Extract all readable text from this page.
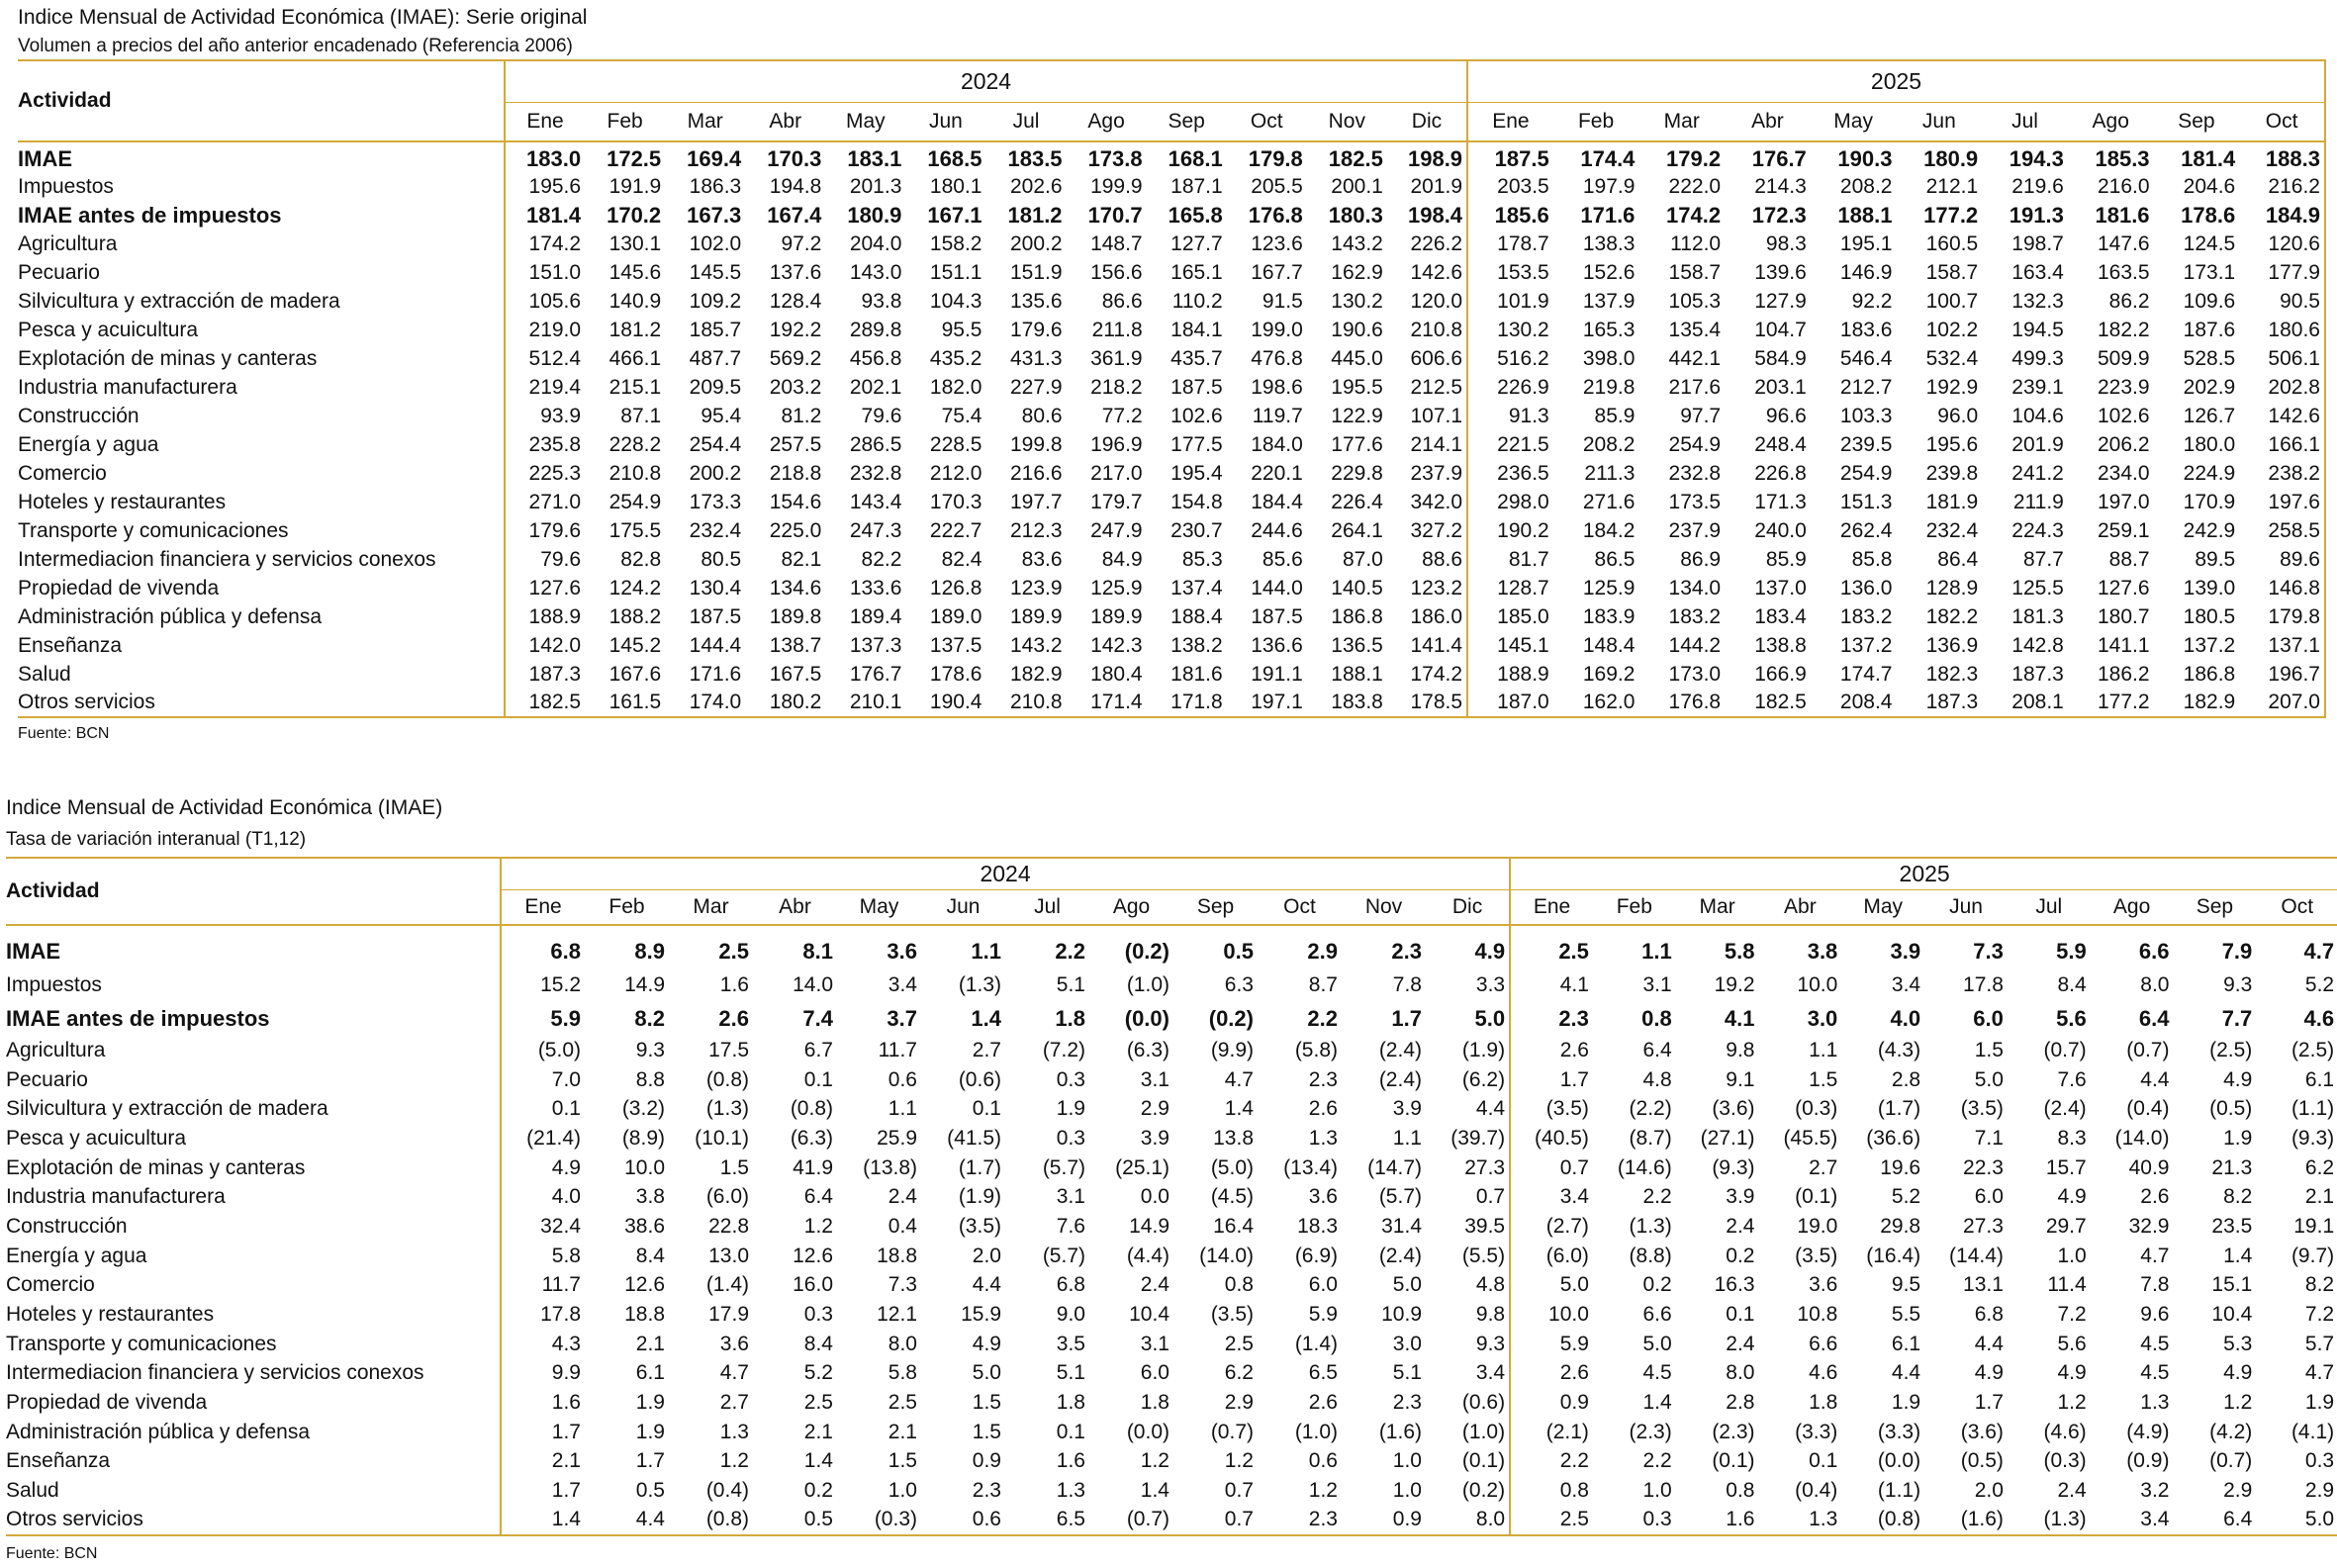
Indice Mensual de Actividad Económica (IMAE): Serie original
Volumen a precios del año anterior encadenado (Referencia 2006)
Actividad	2024												2025									
	Ene	Feb	Mar	Abr	May	Jun	Jul	Ago	Sep	Oct	Nov	Dic	Ene	Feb	Mar	Abr	May	Jun	Jul	Ago	Sep	Oct
IMAE	183.0	172.5	169.4	170.3	183.1	168.5	183.5	173.8	168.1	179.8	182.5	198.9	187.5	174.4	179.2	176.7	190.3	180.9	194.3	185.3	181.4	188.3
Impuestos	195.6	191.9	186.3	194.8	201.3	180.1	202.6	199.9	187.1	205.5	200.1	201.9	203.5	197.9	222.0	214.3	208.2	212.1	219.6	216.0	204.6	216.2
IMAE antes de impuestos	181.4	170.2	167.3	167.4	180.9	167.1	181.2	170.7	165.8	176.8	180.3	198.4	185.6	171.6	174.2	172.3	188.1	177.2	191.3	181.6	178.6	184.9
Agricultura	174.2	130.1	102.0	97.2	204.0	158.2	200.2	148.7	127.7	123.6	143.2	226.2	178.7	138.3	112.0	98.3	195.1	160.5	198.7	147.6	124.5	120.6
Pecuario	151.0	145.6	145.5	137.6	143.0	151.1	151.9	156.6	165.1	167.7	162.9	142.6	153.5	152.6	158.7	139.6	146.9	158.7	163.4	163.5	173.1	177.9
Silvicultura y extracción de madera	105.6	140.9	109.2	128.4	93.8	104.3	135.6	86.6	110.2	91.5	130.2	120.0	101.9	137.9	105.3	127.9	92.2	100.7	132.3	86.2	109.6	90.5
Pesca y acuicultura	219.0	181.2	185.7	192.2	289.8	95.5	179.6	211.8	184.1	199.0	190.6	210.8	130.2	165.3	135.4	104.7	183.6	102.2	194.5	182.2	187.6	180.6
Explotación de minas y canteras	512.4	466.1	487.7	569.2	456.8	435.2	431.3	361.9	435.7	476.8	445.0	606.6	516.2	398.0	442.1	584.9	546.4	532.4	499.3	509.9	528.5	506.1
Industria manufacturera	219.4	215.1	209.5	203.2	202.1	182.0	227.9	218.2	187.5	198.6	195.5	212.5	226.9	219.8	217.6	203.1	212.7	192.9	239.1	223.9	202.9	202.8
Construcción	93.9	87.1	95.4	81.2	79.6	75.4	80.6	77.2	102.6	119.7	122.9	107.1	91.3	85.9	97.7	96.6	103.3	96.0	104.6	102.6	126.7	142.6
Energía y agua	235.8	228.2	254.4	257.5	286.5	228.5	199.8	196.9	177.5	184.0	177.6	214.1	221.5	208.2	254.9	248.4	239.5	195.6	201.9	206.2	180.0	166.1
Comercio	225.3	210.8	200.2	218.8	232.8	212.0	216.6	217.0	195.4	220.1	229.8	237.9	236.5	211.3	232.8	226.8	254.9	239.8	241.2	234.0	224.9	238.2
Hoteles y restaurantes	271.0	254.9	173.3	154.6	143.4	170.3	197.7	179.7	154.8	184.4	226.4	342.0	298.0	271.6	173.5	171.3	151.3	181.9	211.9	197.0	170.9	197.6
Transporte y comunicaciones	179.6	175.5	232.4	225.0	247.3	222.7	212.3	247.9	230.7	244.6	264.1	327.2	190.2	184.2	237.9	240.0	262.4	232.4	224.3	259.1	242.9	258.5
Intermediacion financiera y servicios conexos	79.6	82.8	80.5	82.1	82.2	82.4	83.6	84.9	85.3	85.6	87.0	88.6	81.7	86.5	86.9	85.9	85.8	86.4	87.7	88.7	89.5	89.6
Propiedad de vivenda	127.6	124.2	130.4	134.6	133.6	126.8	123.9	125.9	137.4	144.0	140.5	123.2	128.7	125.9	134.0	137.0	136.0	128.9	125.5	127.6	139.0	146.8
Administración pública y defensa	188.9	188.2	187.5	189.8	189.4	189.0	189.9	189.9	188.4	187.5	186.8	186.0	185.0	183.9	183.2	183.4	183.2	182.2	181.3	180.7	180.5	179.8
Enseñanza	142.0	145.2	144.4	138.7	137.3	137.5	143.2	142.3	138.2	136.6	136.5	141.4	145.1	148.4	144.2	138.8	137.2	136.9	142.8	141.1	137.2	137.1
Salud	187.3	167.6	171.6	167.5	176.7	178.6	182.9	180.4	181.6	191.1	188.1	174.2	188.9	169.2	173.0	166.9	174.7	182.3	187.3	186.2	186.8	196.7
Otros servicios	182.5	161.5	174.0	180.2	210.1	190.4	210.8	171.4	171.8	197.1	183.8	178.5	187.0	162.0	176.8	182.5	208.4	187.3	208.1	177.2	182.9	207.0
Fuente: BCN
Indice Mensual de Actividad Económica (IMAE)
Tasa de variación interanual (T1,12)
Actividad	2024												2025									
	Ene	Feb	Mar	Abr	May	Jun	Jul	Ago	Sep	Oct	Nov	Dic	Ene	Feb	Mar	Abr	May	Jun	Jul	Ago	Sep	Oct
IMAE	6.8	8.9	2.5	8.1	3.6	1.1	2.2	(0.2)	0.5	2.9	2.3	4.9	2.5	1.1	5.8	3.8	3.9	7.3	5.9	6.6	7.9	4.7
Impuestos	15.2	14.9	1.6	14.0	3.4	(1.3)	5.1	(1.0)	6.3	8.7	7.8	3.3	4.1	3.1	19.2	10.0	3.4	17.8	8.4	8.0	9.3	5.2
IMAE antes de impuestos	5.9	8.2	2.6	7.4	3.7	1.4	1.8	(0.0)	(0.2)	2.2	1.7	5.0	2.3	0.8	4.1	3.0	4.0	6.0	5.6	6.4	7.7	4.6
Agricultura	(5.0)	9.3	17.5	6.7	11.7	2.7	(7.2)	(6.3)	(9.9)	(5.8)	(2.4)	(1.9)	2.6	6.4	9.8	1.1	(4.3)	1.5	(0.7)	(0.7)	(2.5)	(2.5)
Pecuario	7.0	8.8	(0.8)	0.1	0.6	(0.6)	0.3	3.1	4.7	2.3	(2.4)	(6.2)	1.7	4.8	9.1	1.5	2.8	5.0	7.6	4.4	4.9	6.1
Silvicultura y extracción de madera	0.1	(3.2)	(1.3)	(0.8)	1.1	0.1	1.9	2.9	1.4	2.6	3.9	4.4	(3.5)	(2.2)	(3.6)	(0.3)	(1.7)	(3.5)	(2.4)	(0.4)	(0.5)	(1.1)
Pesca y acuicultura	(21.4)	(8.9)	(10.1)	(6.3)	25.9	(41.5)	0.3	3.9	13.8	1.3	1.1	(39.7)	(40.5)	(8.7)	(27.1)	(45.5)	(36.6)	7.1	8.3	(14.0)	1.9	(9.3)
Explotación de minas y canteras	4.9	10.0	1.5	41.9	(13.8)	(1.7)	(5.7)	(25.1)	(5.0)	(13.4)	(14.7)	27.3	0.7	(14.6)	(9.3)	2.7	19.6	22.3	15.7	40.9	21.3	6.2
Industria manufacturera	4.0	3.8	(6.0)	6.4	2.4	(1.9)	3.1	0.0	(4.5)	3.6	(5.7)	0.7	3.4	2.2	3.9	(0.1)	5.2	6.0	4.9	2.6	8.2	2.1
Construcción	32.4	38.6	22.8	1.2	0.4	(3.5)	7.6	14.9	16.4	18.3	31.4	39.5	(2.7)	(1.3)	2.4	19.0	29.8	27.3	29.7	32.9	23.5	19.1
Energía y agua	5.8	8.4	13.0	12.6	18.8	2.0	(5.7)	(4.4)	(14.0)	(6.9)	(2.4)	(5.5)	(6.0)	(8.8)	0.2	(3.5)	(16.4)	(14.4)	1.0	4.7	1.4	(9.7)
Comercio	11.7	12.6	(1.4)	16.0	7.3	4.4	6.8	2.4	0.8	6.0	5.0	4.8	5.0	0.2	16.3	3.6	9.5	13.1	11.4	7.8	15.1	8.2
Hoteles y restaurantes	17.8	18.8	17.9	0.3	12.1	15.9	9.0	10.4	(3.5)	5.9	10.9	9.8	10.0	6.6	0.1	10.8	5.5	6.8	7.2	9.6	10.4	7.2
Transporte y comunicaciones	4.3	2.1	3.6	8.4	8.0	4.9	3.5	3.1	2.5	(1.4)	3.0	9.3	5.9	5.0	2.4	6.6	6.1	4.4	5.6	4.5	5.3	5.7
Intermediacion financiera y servicios conexos	9.9	6.1	4.7	5.2	5.8	5.0	5.1	6.0	6.2	6.5	5.1	3.4	2.6	4.5	8.0	4.6	4.4	4.9	4.9	4.5	4.9	4.7
Propiedad de vivenda	1.6	1.9	2.7	2.5	2.5	1.5	1.8	1.8	2.9	2.6	2.3	(0.6)	0.9	1.4	2.8	1.8	1.9	1.7	1.2	1.3	1.2	1.9
Administración pública y defensa	1.7	1.9	1.3	2.1	2.1	1.5	0.1	(0.0)	(0.7)	(1.0)	(1.6)	(1.0)	(2.1)	(2.3)	(2.3)	(3.3)	(3.3)	(3.6)	(4.6)	(4.9)	(4.2)	(4.1)
Enseñanza	2.1	1.7	1.2	1.4	1.5	0.9	1.6	1.2	1.2	0.6	1.0	(0.1)	2.2	2.2	(0.1)	0.1	(0.0)	(0.5)	(0.3)	(0.9)	(0.7)	0.3
Salud	1.7	0.5	(0.4)	0.2	1.0	2.3	1.3	1.4	0.7	1.2	1.0	(0.2)	0.8	1.0	0.8	(0.4)	(1.1)	2.0	2.4	3.2	2.9	2.9
Otros servicios	1.4	4.4	(0.8)	0.5	(0.3)	0.6	6.5	(0.7)	0.7	2.3	0.9	8.0	2.5	0.3	1.6	1.3	(0.8)	(1.6)	(1.3)	3.4	6.4	5.0
Fuente: BCN
